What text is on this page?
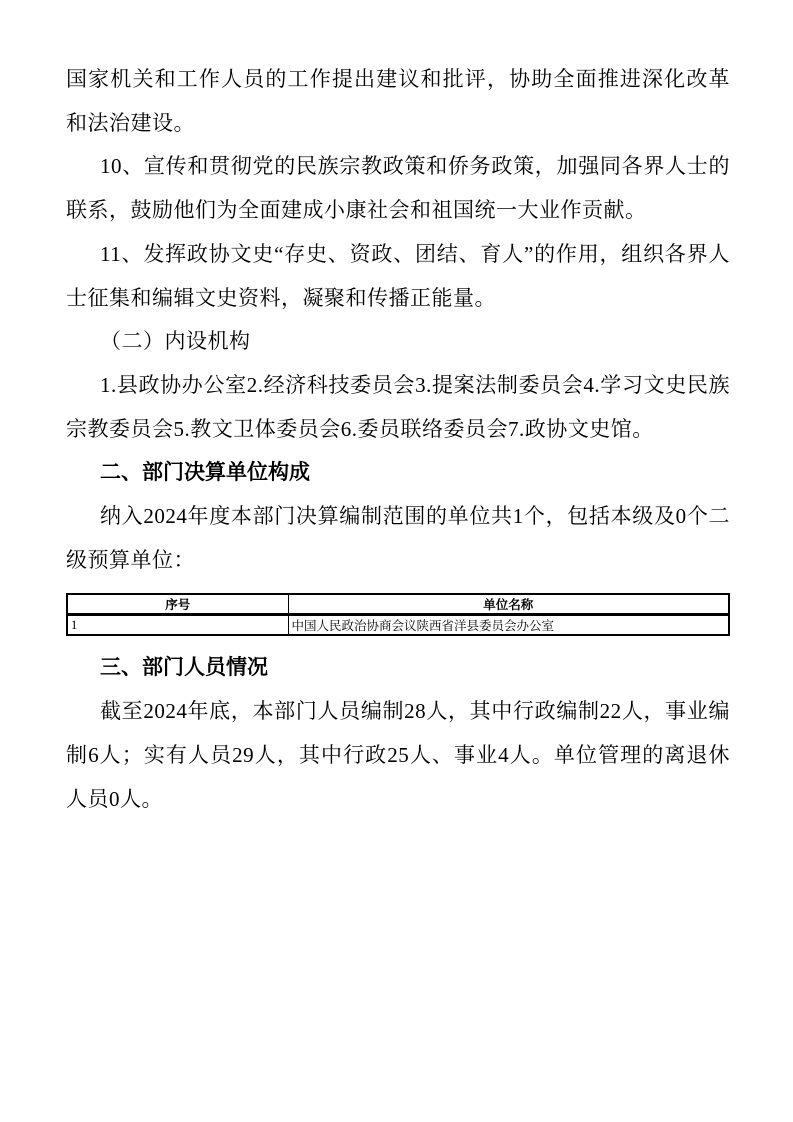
国家机关和工作人员的工作提出建议和批评，协助全面推进深化改革和法治建设。

10、宣传和贯彻党的民族宗教政策和侨务政策，加强同各界人士的联系，鼓励他们为全面建成小康社会和祖国统一大业作贡献。

11、发挥政协文史“存史、资政、团结、育人”的作用，组织各界人士征集和编辑文史资料，凝聚和传播正能量。

（二）内设机构

1.县政协办公室2.经济科技委员会3.提案法制委员会4.学习文史民族宗教委员会5.教文卫体委员会6.委员联络委员会7.政协文史馆。

二、部门决算单位构成

纳入2024年度本部门决算编制范围的单位共1个，包括本级及0个二级预算单位：

序号	单位名称
1	中国人民政治协商会议陕西省洋县委员会办公室
三、部门人员情况

截至2024年底，本部门人员编制28人，其中行政编制22人，事业编制6人；实有人员29人，其中行政25人、事业4人。单位管理的离退休人员0人。
